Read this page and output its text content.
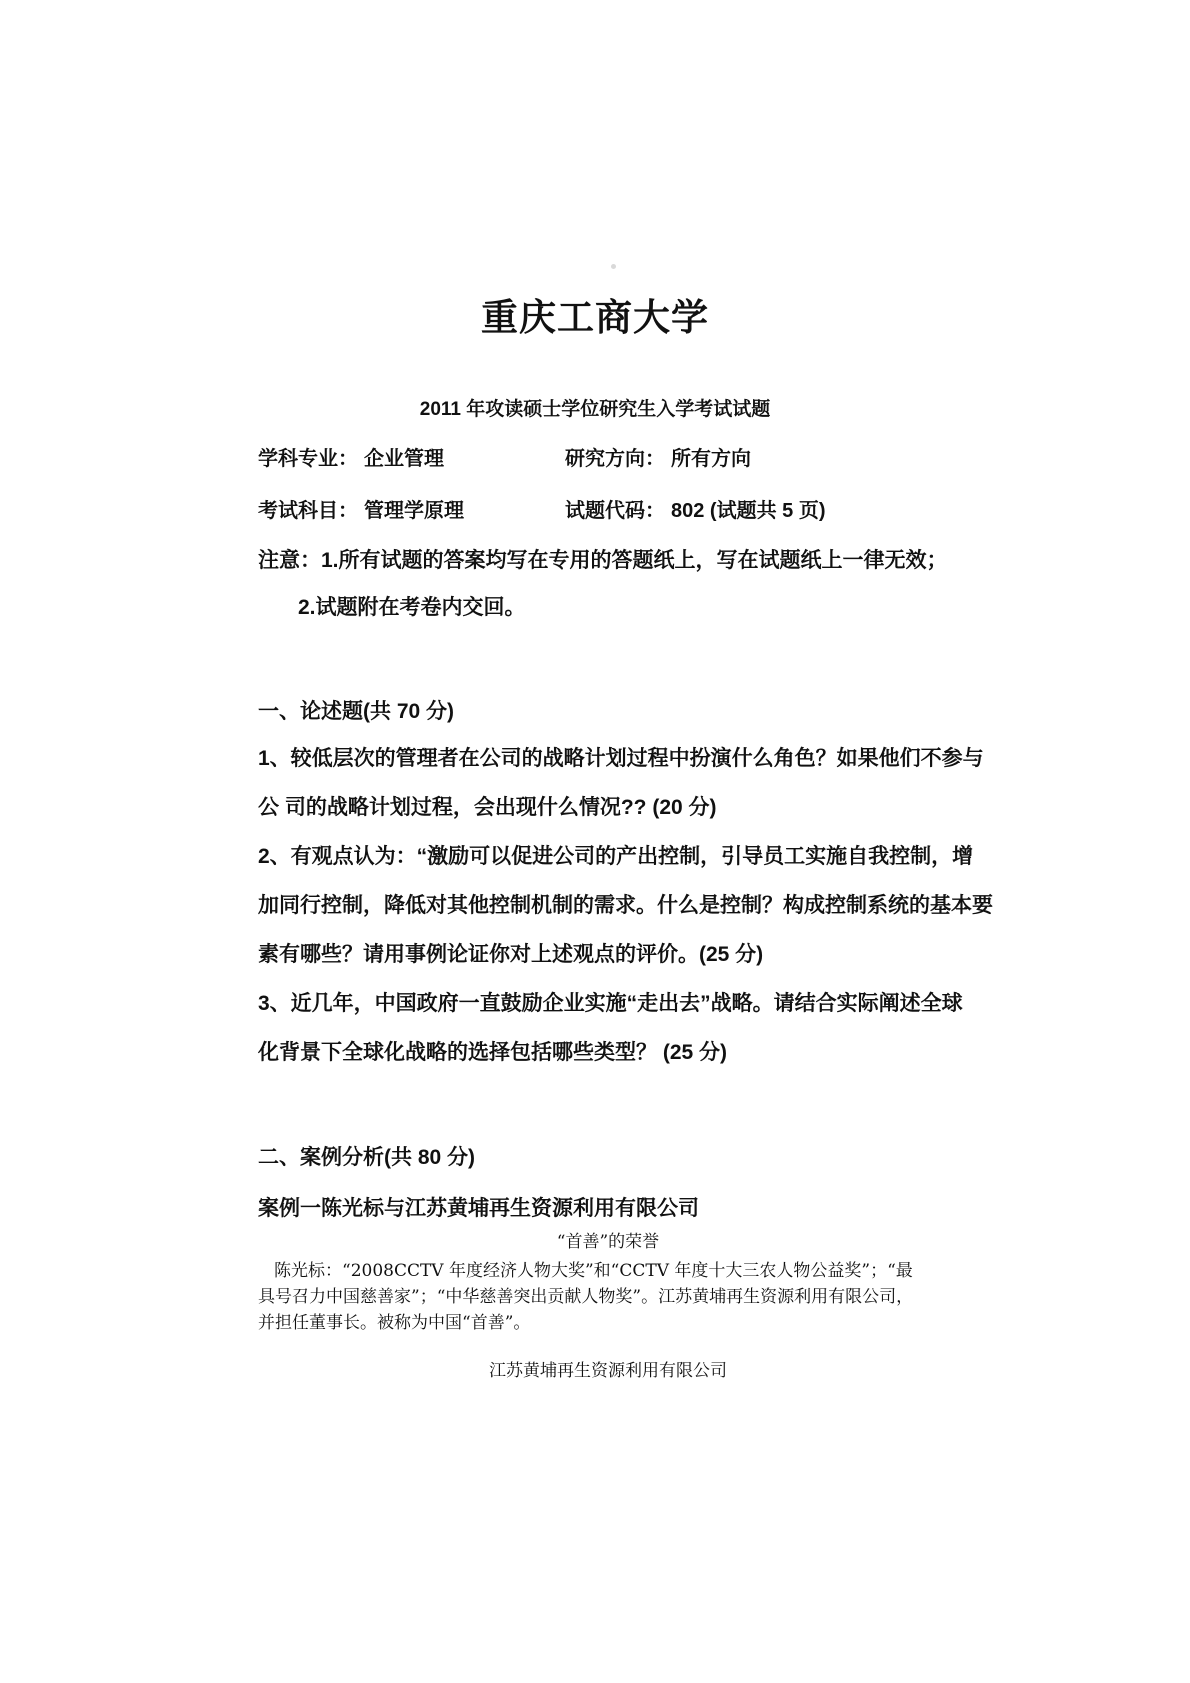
重庆工商大学
2011 年攻读硕士学位研究生入学考试试题
学科专业： 企业管理	研究方向： 所有方向
考试科目： 管理学原理	试题代码： 802 (试题共 5 页)
注意：1.所有试题的答案均写在专用的答题纸上，写在试题纸上一律无效；
2.试题附在考卷内交回。
一、论述题(共 70 分)
1、较低层次的管理者在公司的战略计划过程中扮演什么角色？如果他们不参与
公 司的战略计划过程，会出现什么情况?? (20 分)
2、有观点认为：“激励可以促进公司的产出控制，引导员工实施自我控制，增
加同行控制，降低对其他控制机制的需求。什么是控制？构成控制系统的基本要
素有哪些？请用事例论证你对上述观点的评价。(25 分)
3、近几年，中国政府一直鼓励企业实施“走出去”战略。请结合实际阐述全球
化背景下全球化战略的选择包括哪些类型？ (25 分)
二、案例分析(共 80 分)
案例一陈光标与江苏黄埔再生资源利用有限公司
“首善”的荣誉
陈光标：“2008CCTV 年度经济人物大奖”和“CCTV 年度十大三农人物公益奖”；“最
具号召力中国慈善家”；“中华慈善突出贡献人物奖”。江苏黄埔再生资源利用有限公司，
并担任董事长。被称为中国“首善”。
江苏黄埔再生资源利用有限公司
